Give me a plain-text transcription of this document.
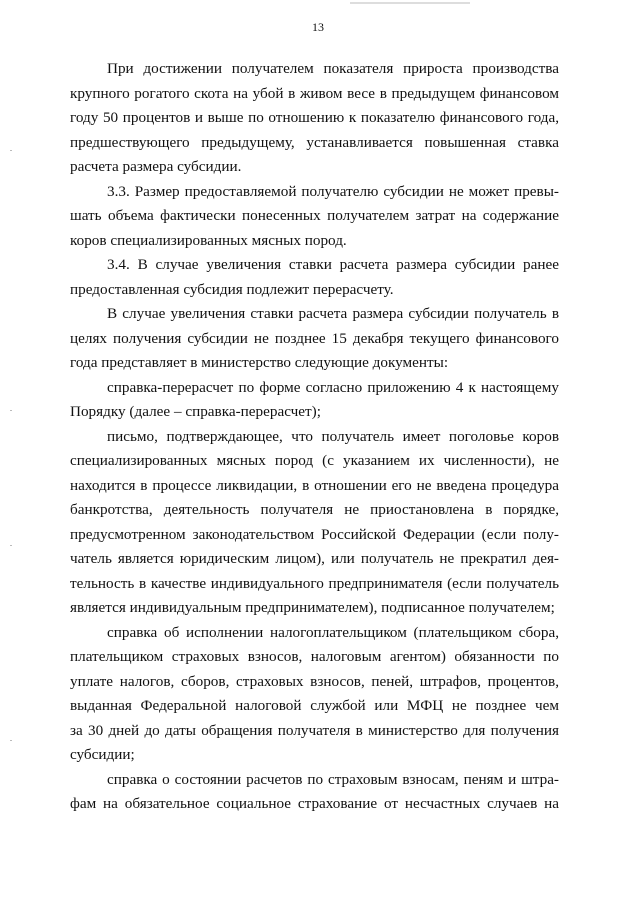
13
При достижении получателем показателя прироста производства
крупного рогатого скота на убой в живом весе в предыдущем финансовом
году 50 процентов и выше по отношению к показателю финансового года,
предшествующего предыдущему, устанавливается повышенная ставка
расчета размера субсидии.
3.3. Размер предоставляемой получателю субсидии не может превы-
шать объема фактически понесенных получателем затрат на содержание
коров специализированных мясных пород.
3.4. В случае увеличения ставки расчета размера субсидии ранее
предоставленная субсидия подлежит перерасчету.
В случае увеличения ставки расчета размера субсидии получатель в
целях получения субсидии не позднее 15 декабря текущего финансового
года представляет в министерство следующие документы:
справка-перерасчет по форме согласно приложению 4 к настоящему
Порядку (далее – справка-перерасчет);
письмо, подтверждающее, что получатель имеет поголовье коров
специализированных мясных пород (с указанием их численности), не
находится в процессе ликвидации, в отношении его не введена процедура
банкротства, деятельность получателя не приостановлена в порядке,
предусмотренном законодательством Российской Федерации (если полу-
чатель является юридическим лицом), или получатель не прекратил дея-
тельность в качестве индивидуального предпринимателя (если получатель
является индивидуальным предпринимателем), подписанное получателем;
справка об исполнении налогоплательщиком (плательщиком сбора,
плательщиком страховых взносов, налоговым агентом) обязанности по
уплате налогов, сборов, страховых взносов, пеней, штрафов, процентов,
выданная Федеральной налоговой службой или МФЦ не позднее чем
за 30 дней до даты обращения получателя в министерство для получения
субсидии;
справка о состоянии расчетов по страховым взносам, пеням и штра-
фам на обязательное социальное страхование от несчастных случаев на
